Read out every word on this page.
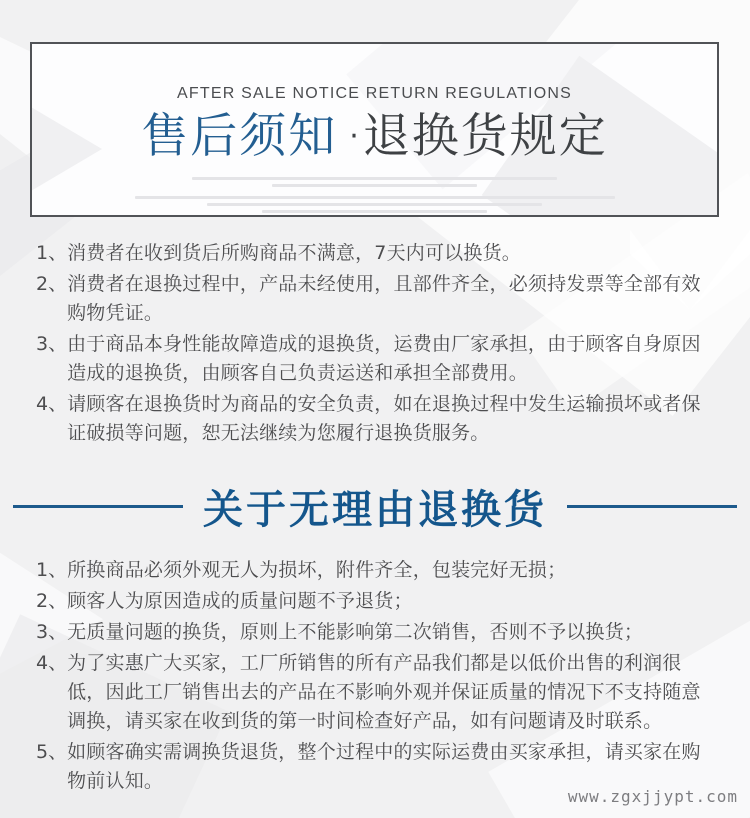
AFTER SALE NOTICE RETURN REGULATIONS
售后须知 ·退换货规定
1、 消费者在收到货后所购商品不满意，7天内可以换货。
2、 消费者在退换过程中，产品未经使用，且部件齐全，必须持发票等全部有效购物凭证。
3、 由于商品本身性能故障造成的退换货，运费由厂家承担，由于顾客自身原因造成的退换货，由顾客自己负责运送和承担全部费用。
4、 请顾客在退换货时为商品的安全负责，如在退换过程中发生运输损坏或者保证破损等问题，恕无法继续为您履行退换货服务。
关于无理由退换货
1、 所换商品必须外观无人为损坏，附件齐全，包装完好无损；
2、 顾客人为原因造成的质量问题不予退货；
3、 无质量问题的换货，原则上不能影响第二次销售，否则不予以换货；
4、 为了实惠广大买家，工厂所销售的所有产品我们都是以低价出售的利润很低，因此工厂销售出去的产品在不影响外观并保证质量的情况下不支持随意调换，请买家在收到货的第一时间检查好产品，如有问题请及时联系。
5、 如顾客确实需调换货退货，整个过程中的实际运费由买家承担，请买家在购物前认知。
www.zgxjjypt.com
